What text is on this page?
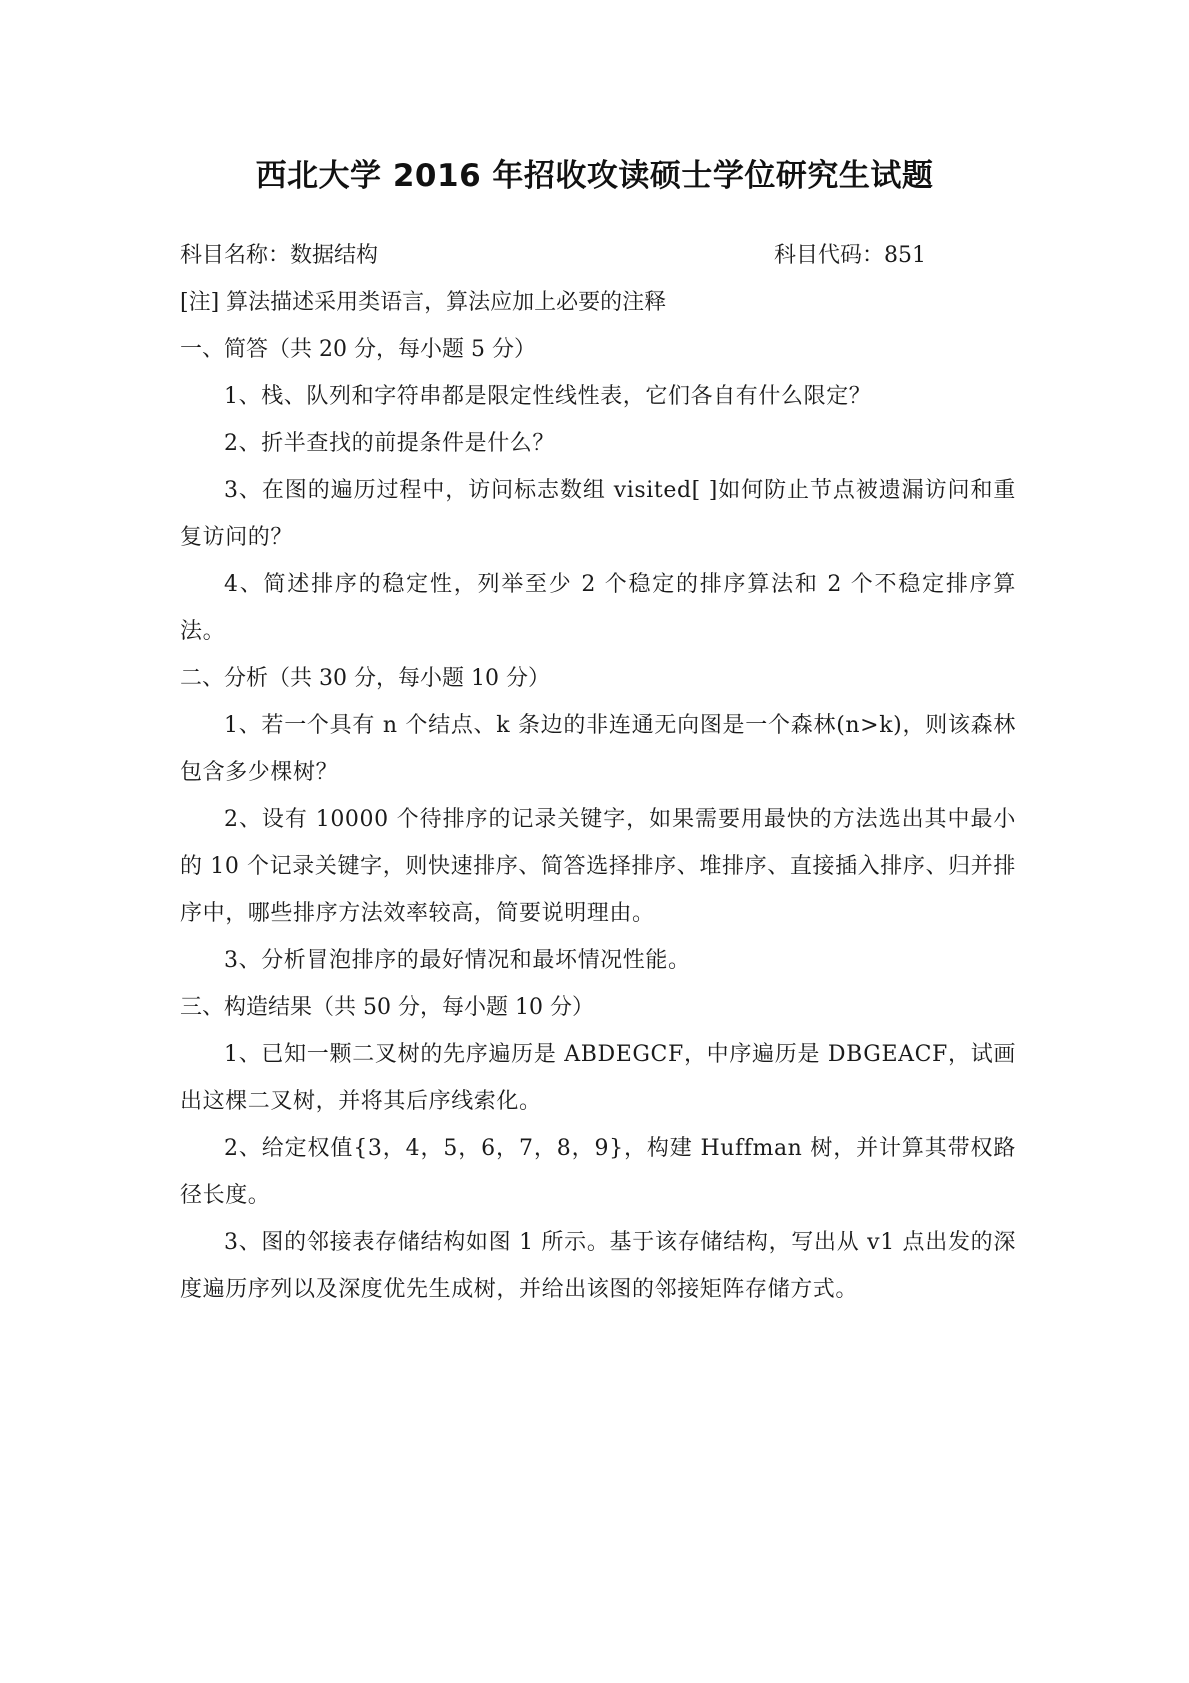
西北大学 2016 年招收攻读硕士学位研究生试题
科目名称：数据结构	科目代码：851
[注] 算法描述采用类语言，算法应加上必要的注释
一、简答（共 20 分，每小题 5 分）
1、栈、队列和字符串都是限定性线性表，它们各自有什么限定？
2、折半查找的前提条件是什么？
3、在图的遍历过程中，访问标志数组 visited[ ]如何防止节点被遗漏访问和重复访问的？
4、简述排序的稳定性，列举至少 2 个稳定的排序算法和 2 个不稳定排序算法。
二、分析（共 30 分，每小题 10 分）
1、若一个具有 n 个结点、k 条边的非连通无向图是一个森林(n>k)，则该森林包含多少棵树？
2、设有 10000 个待排序的记录关键字，如果需要用最快的方法选出其中最小的 10 个记录关键字，则快速排序、简答选择排序、堆排序、直接插入排序、归并排序中，哪些排序方法效率较高，简要说明理由。
3、分析冒泡排序的最好情况和最坏情况性能。
三、构造结果（共 50 分，每小题 10 分）
1、已知一颗二叉树的先序遍历是 ABDEGCF，中序遍历是 DBGEACF，试画出这棵二叉树，并将其后序线索化。
2、给定权值{3，4，5，6，7，8，9}，构建 Huffman 树，并计算其带权路径长度。
3、图的邻接表存储结构如图 1 所示。基于该存储结构，写出从 v1 点出发的深度遍历序列以及深度优先生成树，并给出该图的邻接矩阵存储方式。
